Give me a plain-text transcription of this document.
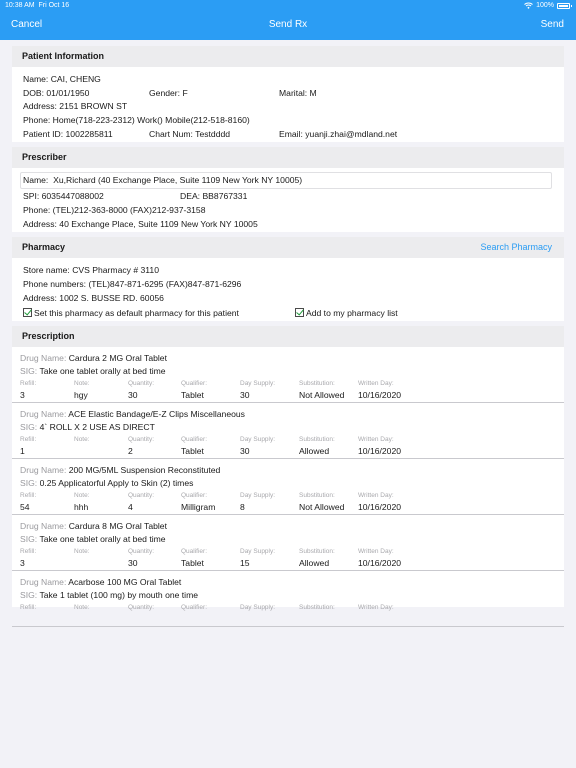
10:38 AM Fri Oct 16	100%
Cancel	Send Rx	Send
Patient Information
Name: CAI, CHENG
DOB: 01/01/1950	Gender: F	Marital: M
Address: 2151 BROWN ST
Phone: Home(718-223-2312) Work() Mobile(212-518-8160)
Patient ID: 1002285811	Chart Num: Testdddd	Email: yuanji.zhai@mdland.net
Prescriber
Name: Xu,Richard (40 Exchange Place, Suite 1109 New York NY 10005)
SPI: 6035447088002	DEA: BB8767331
Phone: (TEL)212-363-8000 (FAX)212-937-3158
Address: 40 Exchange Place, Suite 1109 New York NY 10005
Pharmacy	Search Pharmacy
Store name: CVS Pharmacy # 3110
Phone numbers: (TEL)847-871-6295 (FAX)847-871-6296
Address: 1002 S. BUSSE RD. 60056
Set this pharmacy as default pharmacy for this patient	Add to my pharmacy list
Prescription
Drug Name: Cardura 2 MG Oral Tablet
SIG: Take one tablet orally at bed time
Refill:
3
Note:
hgy
Quantity:
30
Qualifier:
Tablet
Day Supply:
30
Substitution:
Not Allowed
Written Day:
10/16/2020
Drug Name: ACE Elastic Bandage/E-Z Clips Miscellaneous
SIG: 4` ROLL X 2 USE AS DIRECT
Refill:
1
Note:	Quantity:
2
Qualifier:
Tablet
Day Supply:
30
Substitution:
Allowed
Written Day:
10/16/2020
Drug Name: 200 MG/5ML Suspension Reconstituted
SIG: 0.25 Applicatorful Apply to Skin (2) times
Refill:
54
Note:
hhh
Quantity:
4
Qualifier:
Milligram
Day Supply:
8
Substitution:
Not Allowed
Written Day:
10/16/2020
Drug Name: Cardura 8 MG Oral Tablet
SIG: Take one tablet orally at bed time
Refill:
3
Note:	Quantity:
30
Qualifier:
Tablet
Day Supply:
15
Substitution:
Allowed
Written Day:
10/16/2020
Drug Name: Acarbose 100 MG Oral Tablet
SIG: Take 1 tablet (100 mg) by mouth one time
Refill:	Note:	Quantity:	Qualifier:	Day Supply:	Substitution:	Written Day:
